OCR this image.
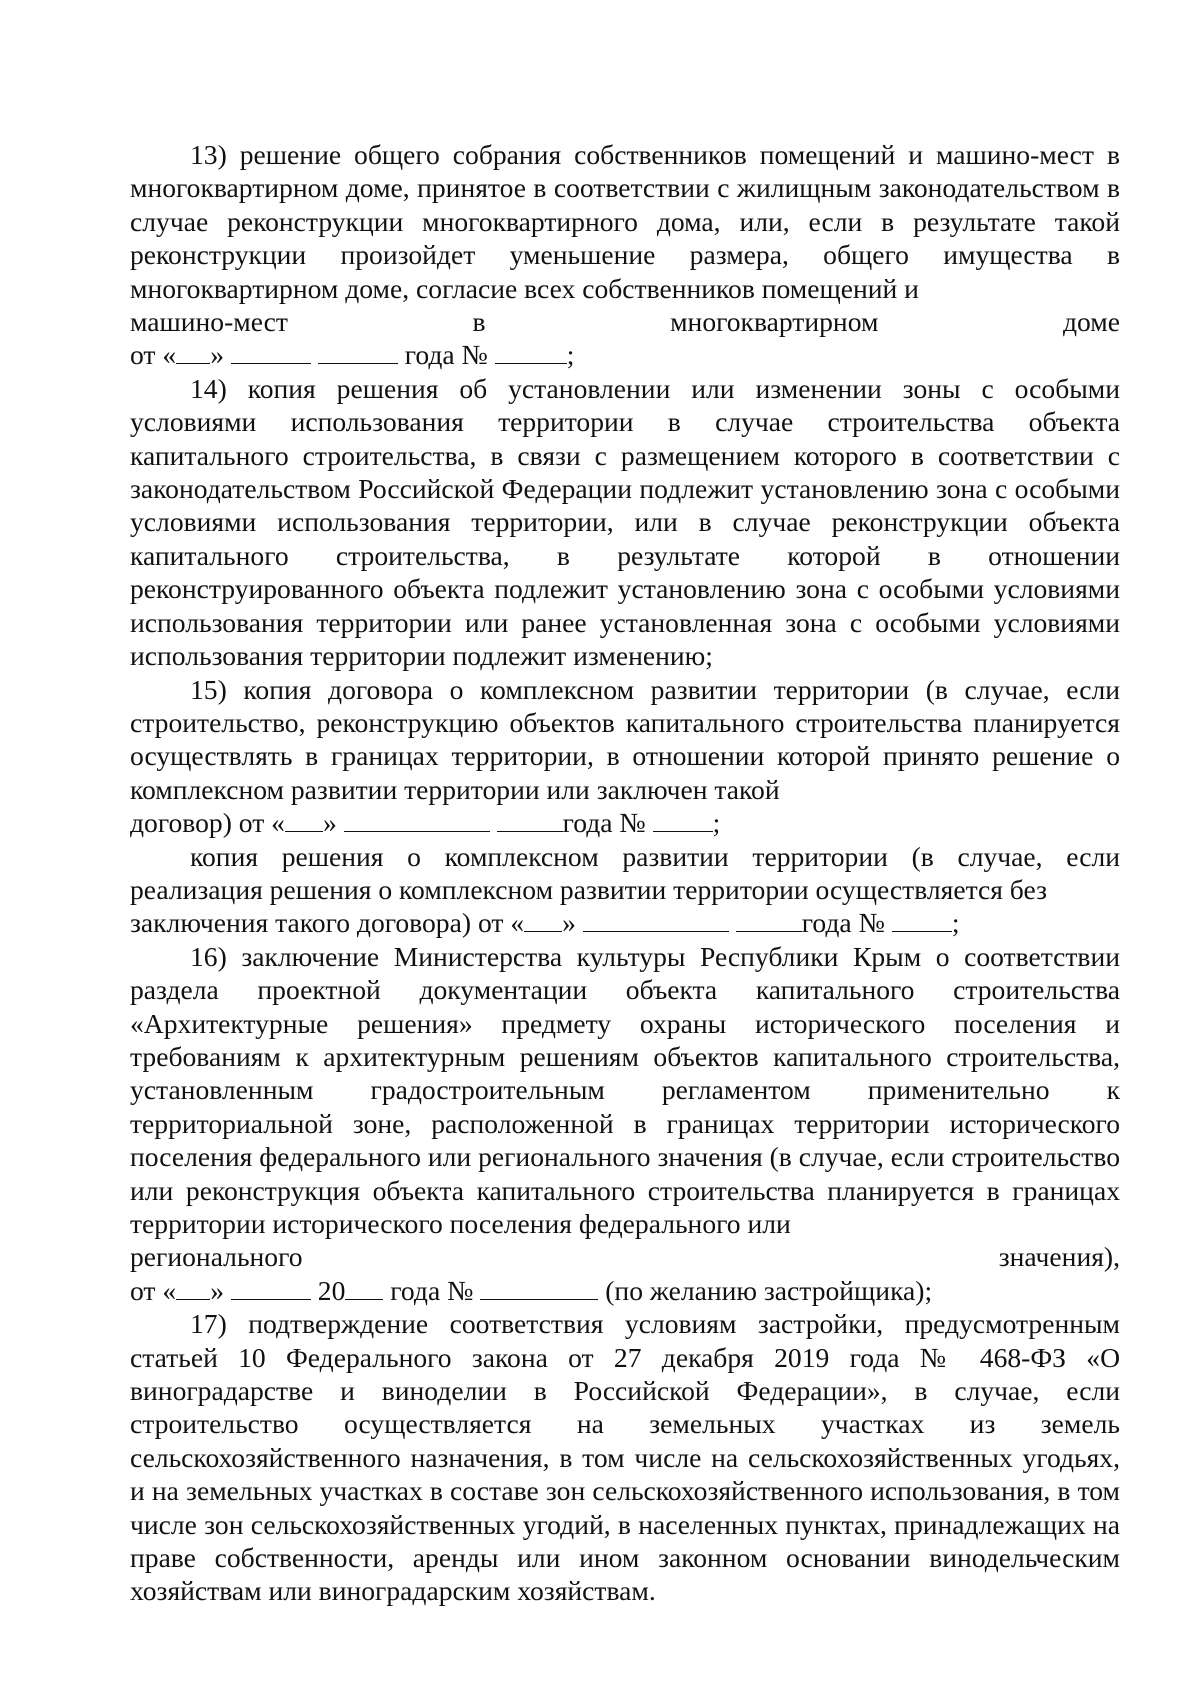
13) решение общего собрания собственников помещений и машино-мест в многоквартирном доме, принятое в соответствии с жилищным законодательством в случае реконструкции многоквартирного дома, или, если в результате такой реконструкции произойдет уменьшение размера, общего имущества в многоквартирном доме, согласие всех собственников помещений и

машино-мест	в	многоквартирном	доме
от « »	года №	;

14) копия решения об установлении или изменении зоны с особыми условиями использования территории в случае строительства объекта капитального строительства, в связи с размещением которого в соответствии с законодательством Российской Федерации подлежит установлению зона с особыми условиями использования территории, или в случае реконструкции объекта капитального строительства, в результате которой в отношении реконструированного объекта подлежит установлению зона с особыми условиями использования территории или ранее установленная зона с особыми условиями использования территории подлежит изменению;

15) копия договора о комплексном развитии территории (в случае, если строительство, реконструкцию объектов капитального строительства планируется осуществлять в границах территории, в отношении которой принято решение о комплексном развитии территории или заключен такой

договор) от « »	года № ;

копия решения о комплексном развитии территории (в случае, если реализация решения о комплексном развитии территории осуществляется без

заключения такого договора) от « »	года № ;

16) заключение Министерства культуры Республики Крым о соответствии раздела проектной документации объекта капитального строительства «Архитектурные решения» предмету охраны исторического поселения и требованиям к архитектурным решениям объектов капитального строительства, установленным градостроительным регламентом применительно к территориальной зоне, расположенной в границах территории исторического поселения федерального или регионального значения (в случае, если строительство или реконструкция объекта капитального строительства планируется в границах территории исторического поселения федерального или

регионального	значения),
от « »	20 года №	(по желанию застройщика);

17) подтверждение соответствия условиям застройки, предусмотренным статьей 10 Федерального закона от 27 декабря 2019 года № 468-ФЗ «О виноградарстве и виноделии в Российской Федерации», в случае, если строительство осуществляется на земельных участках из земель сельскохозяйственного назначения, в том числе на сельскохозяйственных угодьях, и на земельных участках в составе зон сельскохозяйственного использования, в том числе зон сельскохозяйственных угодий, в населенных пунктах, принадлежащих на праве собственности, аренды или ином законном основании винодельческим хозяйствам или виноградарским хозяйствам.
